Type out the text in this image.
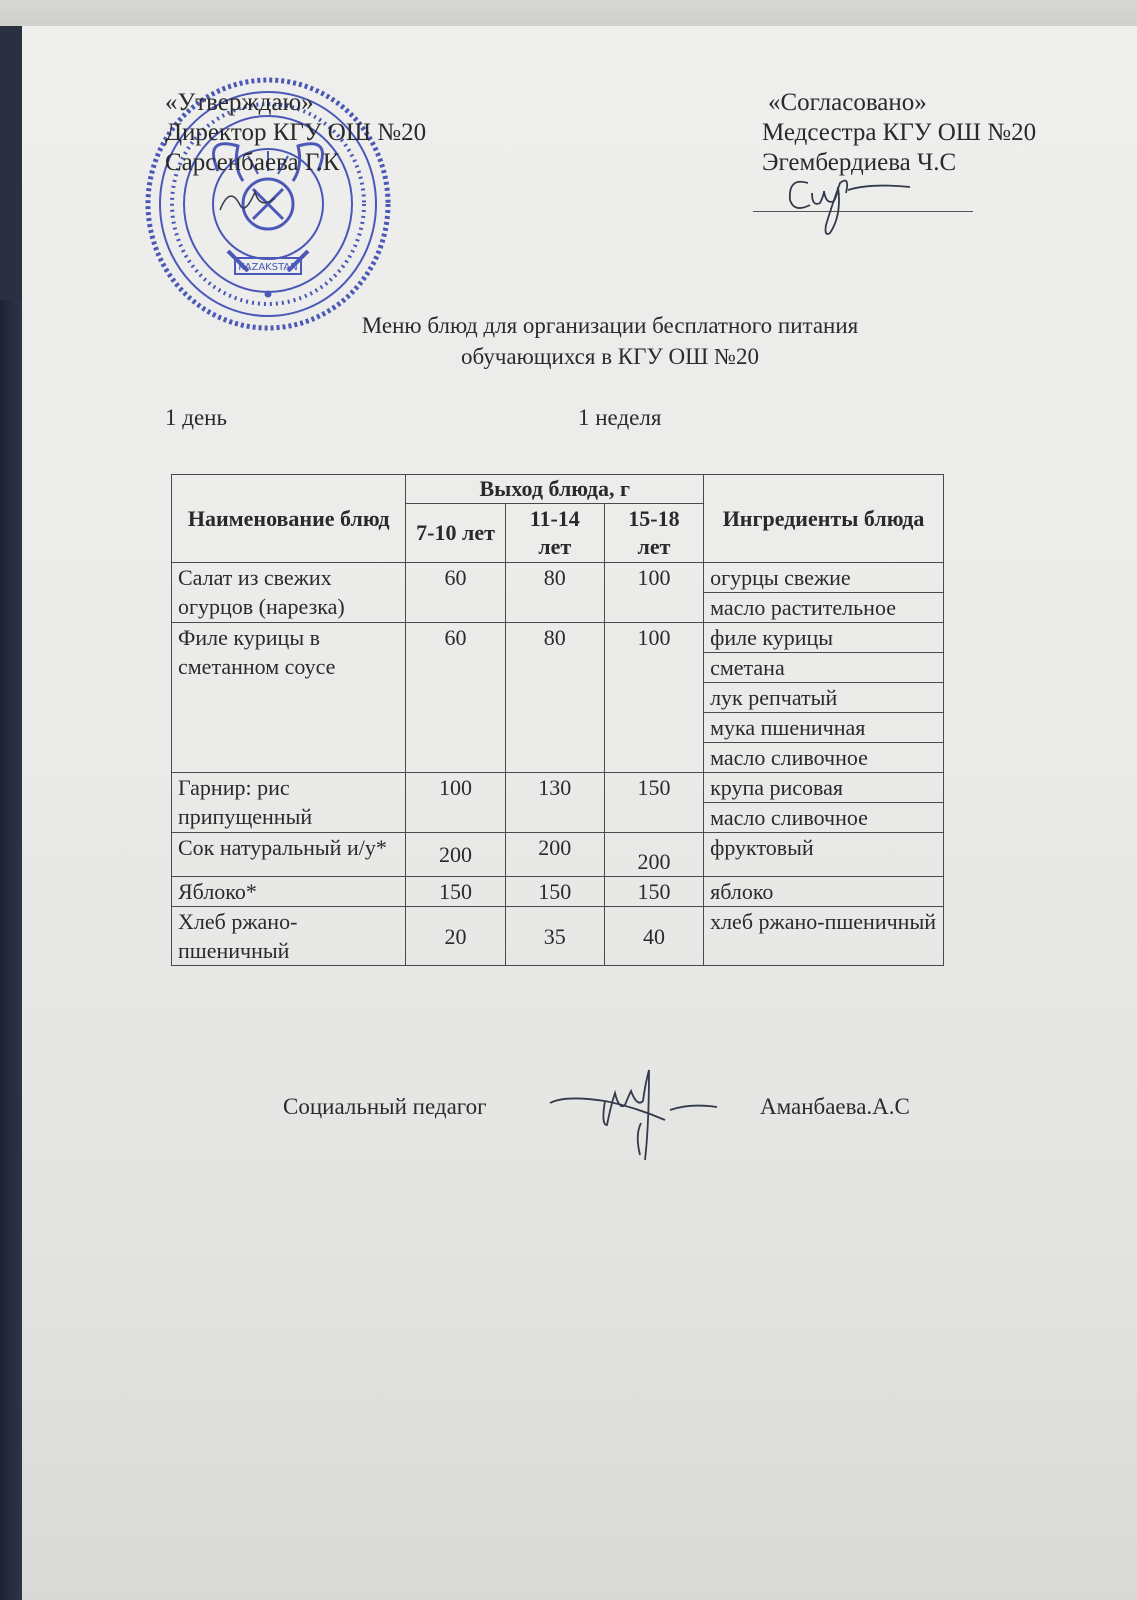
KAZAKSTAN
«Утверждаю»
Директор КГУ ОШ №20
Сарсенбаева Г.К
«Согласовано»
Медсестра КГУ ОШ №20
Эгембердиева Ч.С
Меню блюд для организации бесплатного питания
обучающихся в КГУ ОШ №20
1 день	1 неделя
Наименование блюд	Выход блюда, г			Ингредиенты блюда
	7-10 лет	11-14 лет	15-18 лет	
Салат из свежих огурцов (нарезка)	60	80	100	огурцы свежие
				масло растительное
Филе курицы в сметанном соусе	60	80	100	филе курицы
				сметана
				лук репчатый
				мука пшеничная
				масло сливочное
Гарнир: рис припущенный	100	130	150	крупа рисовая
				масло сливочное
Сок натуральный и/у*	200	200	200	фруктовый
Яблоко*	150	150	150	яблоко
Хлеб ржано-пшеничный	20	35	40	хлеб ржано-пшеничный
Социальный педагог	Аманбаева.А.С
